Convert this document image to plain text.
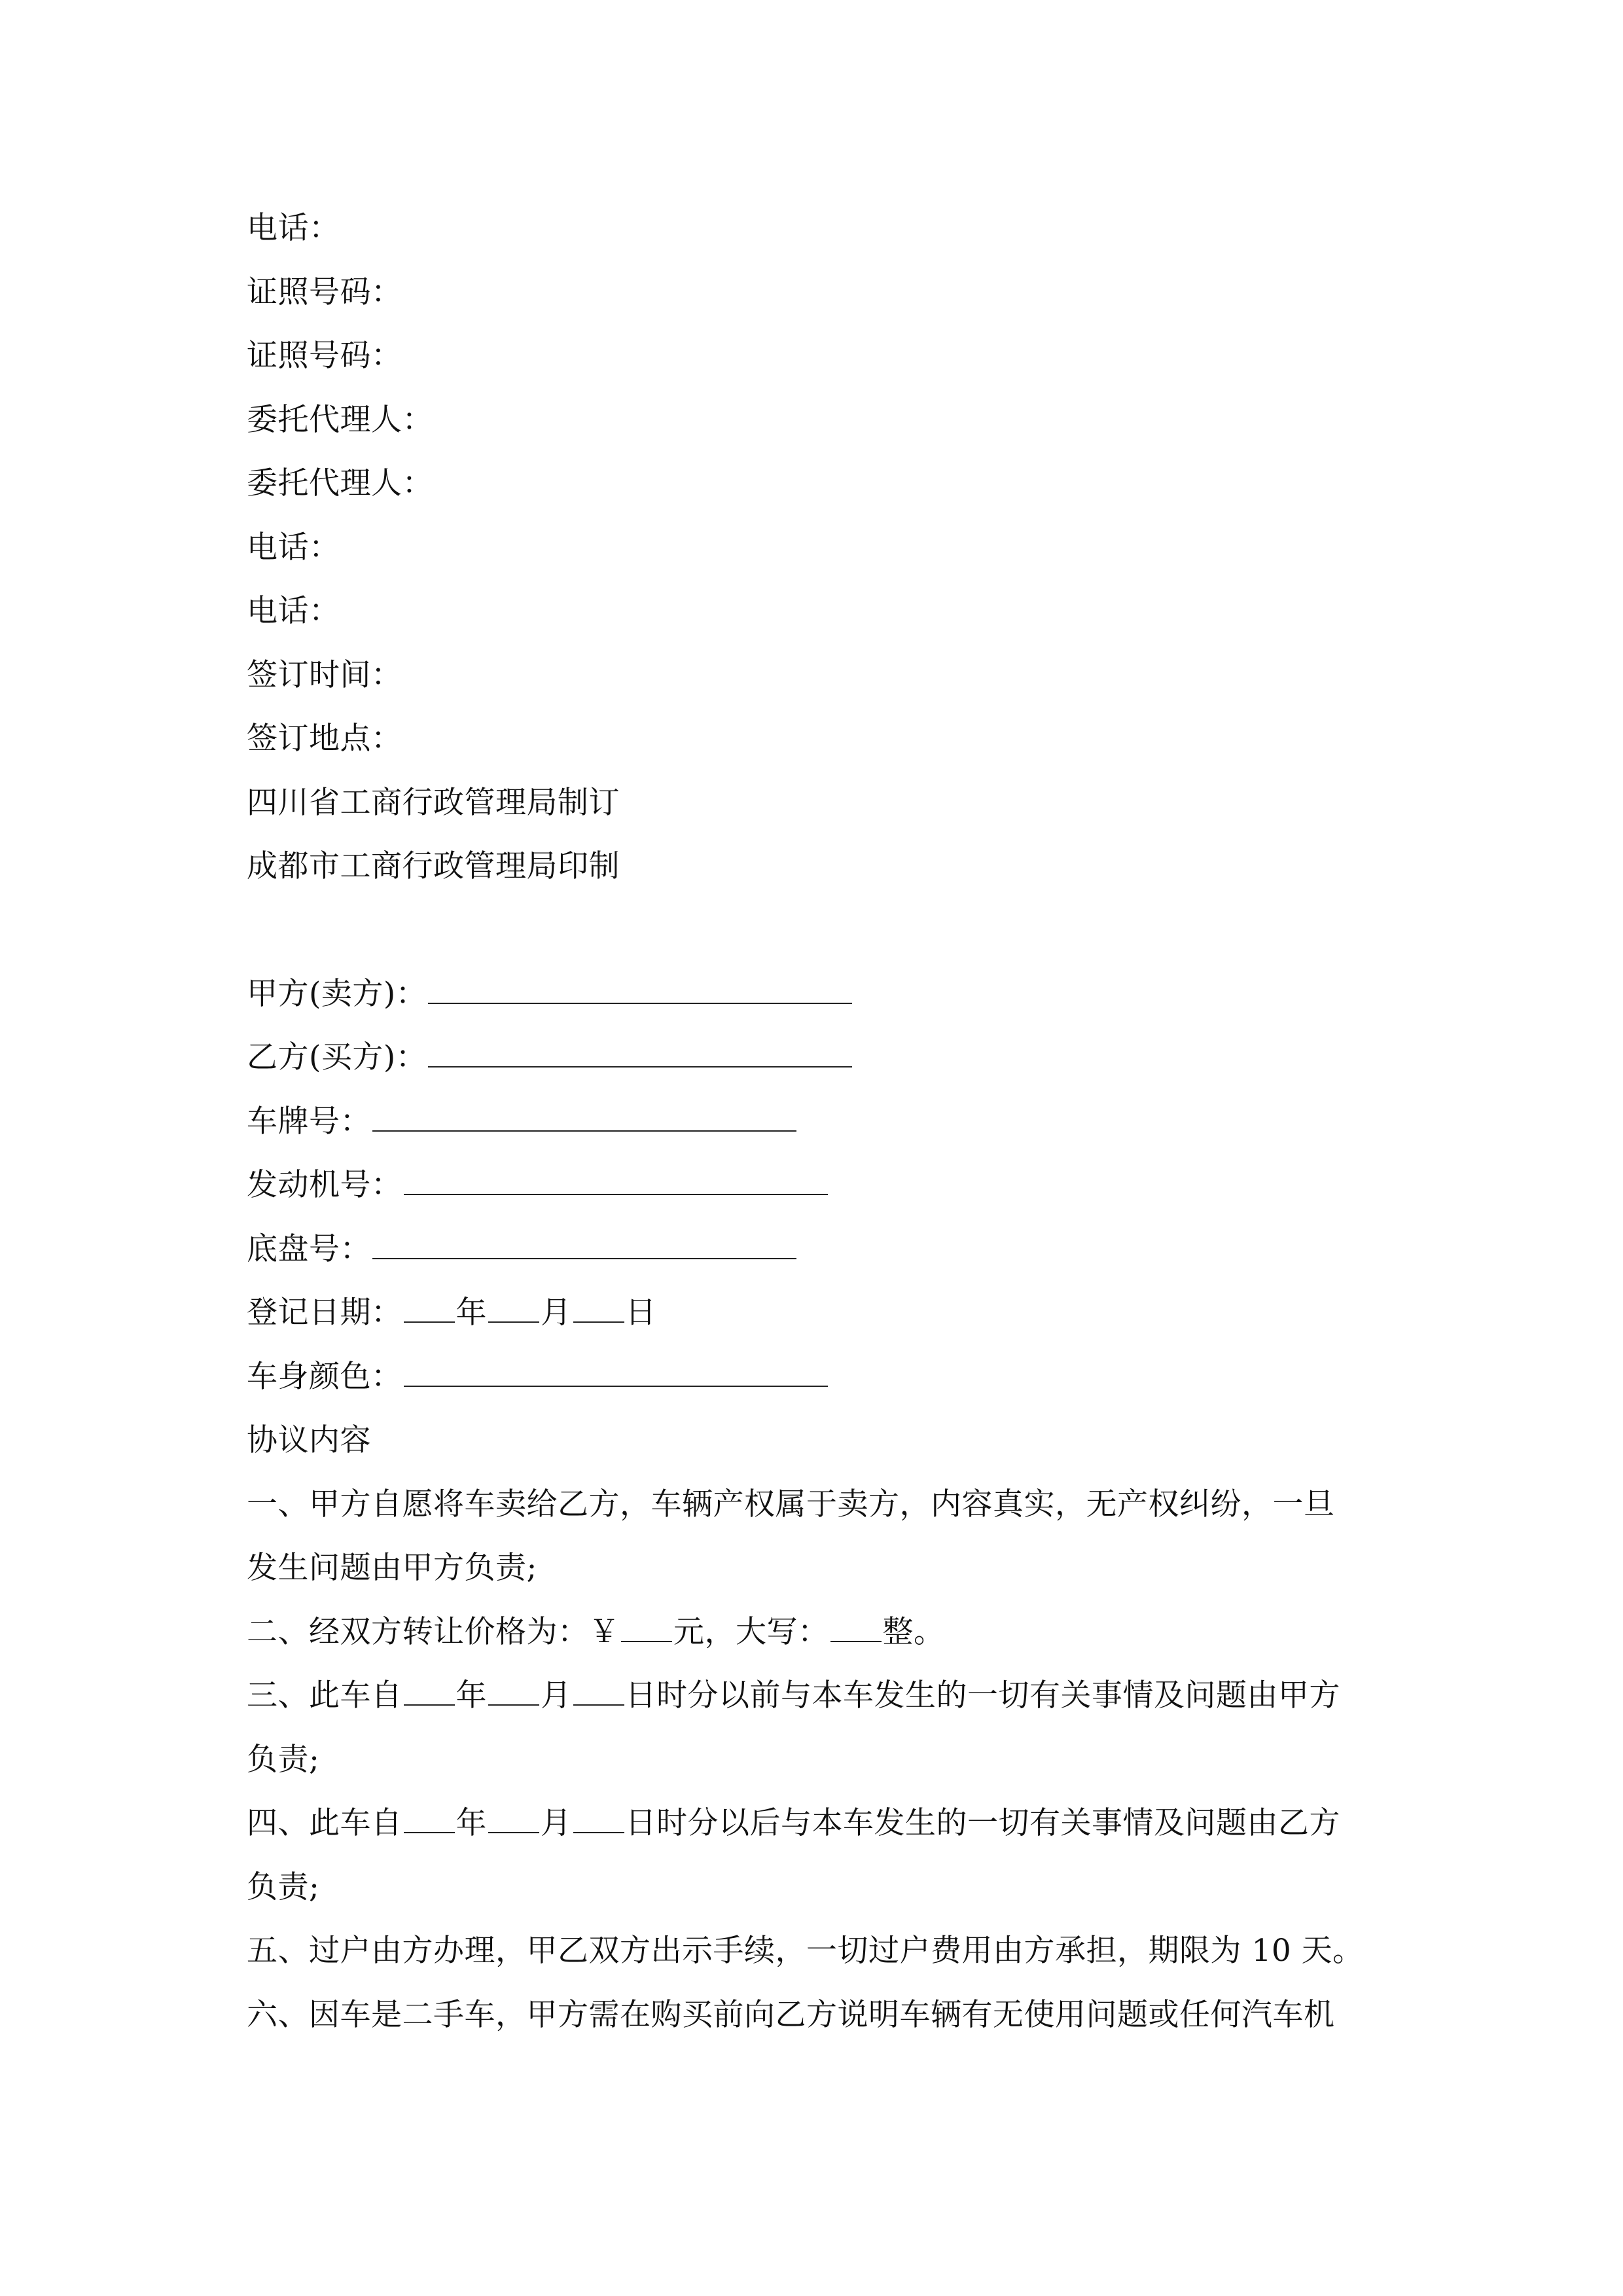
电话：
证照号码：
证照号码：
委托代理人：
委托代理人：
电话：
电话：
签订时间：
签订地点：
四川省工商行政管理局制订
成都市工商行政管理局印制
甲方(卖方)：
乙方(买方)：
车牌号：
发动机号：
底盘号：
登记日期： 年 月 日
车身颜色：
协议内容
一、甲方自愿将车卖给乙方，车辆产权属于卖方，内容真实，无产权纠纷，一旦
发生问题由甲方负责;
二、经双方转让价格为：￥ 元，大写： 整。
三、此车自 年 月 日时分以前与本车发生的一切有关事情及问题由甲方
负责;
四、此车自 年 月 日时分以后与本车发生的一切有关事情及问题由乙方
负责;
五、过户由方办理，甲乙双方出示手续，一切过户费用由方承担，期限为 10 天。
六、因车是二手车，甲方需在购买前向乙方说明车辆有无使用问题或任何汽车机
